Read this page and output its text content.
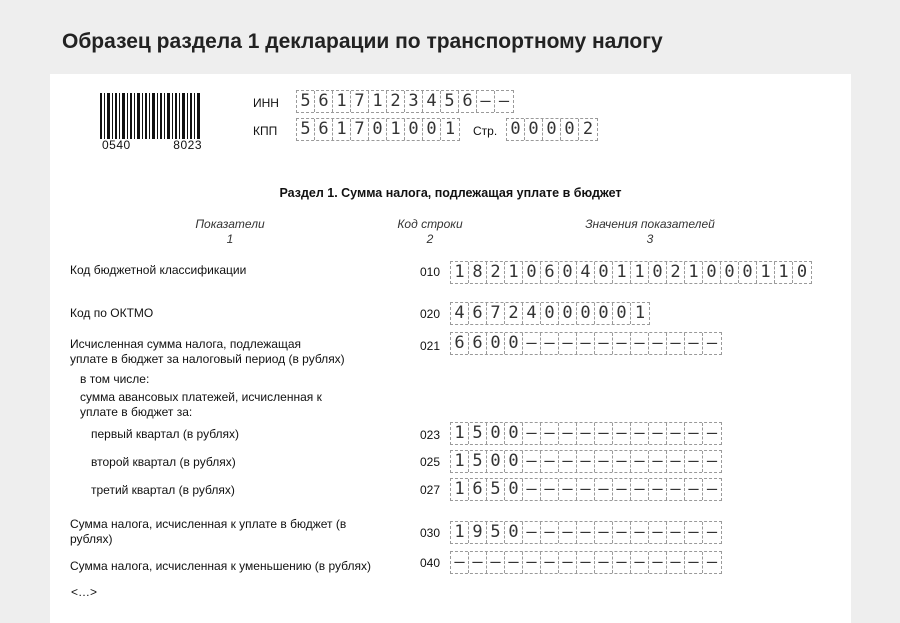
Образец раздела 1 декларации по транспортному налогу
0540	8023
ИНН 5 6 1 7 1 2 3 4 5 6 – –
КПП 5 6 1 7 0 1 0 0 1	Стр. 0 0 0 0 2
Раздел 1. Сумма налога, подлежащая уплате в бюджет
Показатели
1
Код строки
2
Значения показателей
3
Код бюджетной классификации	010 1 8 2 1 0 6 0 4 0 1 1 0 2 1 0 0 0 1 1 0
Код по ОКТМО	020 4 6 7 2 4 0 0 0 0 0 1
Исчисленная сумма налога, подлежащая
уплате в бюджет за налоговый период (в рублях)
021 6 6 0 0 – – – – – – – – – – –
в том числе:
сумма авансовых платежей, исчисленная к
уплате в бюджет за:
первый квартал (в рублях)	023 1 5 0 0 – – – – – – – – – – –
второй квартал (в рублях)	025 1 5 0 0 – – – – – – – – – – –
третий квартал (в рублях)	027 1 6 5 0 – – – – – – – – – – –
Сумма налога, исчисленная к уплате в бюджет (в
рублях)	030 1 9 5 0 – – – – – – – – – – –
Сумма налога, исчисленная к уменьшению (в рублях)	040 – – – – – – – – – – – – – – –
<…>
